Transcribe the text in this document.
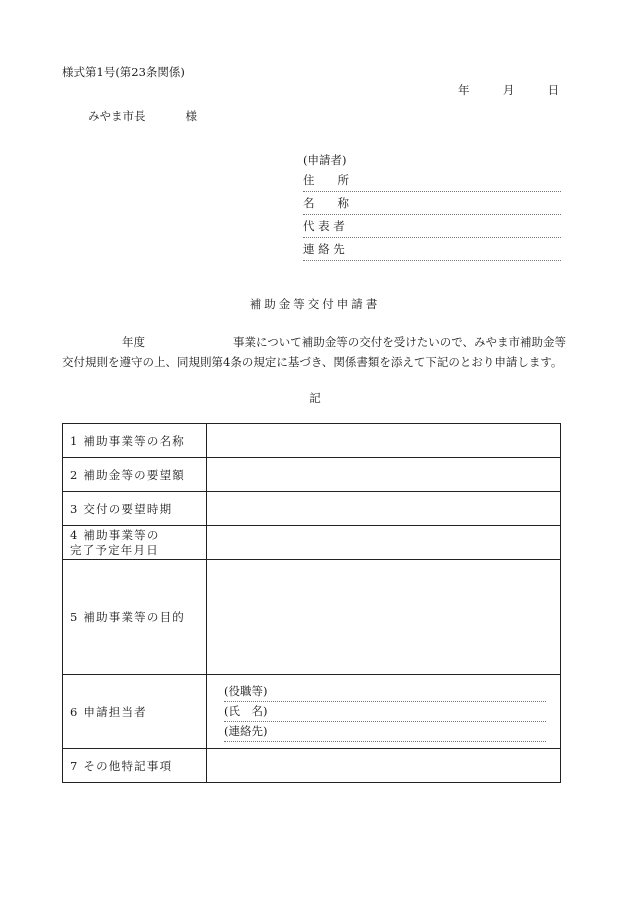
様式第1号(第23条関係)
年	月	日
みやま市長	様
(申請者)
住　　所
名　　称
代 表 者
連 絡 先
補助金等交付申請書
年度	事業について補助金等の交付を受けたいので、みやま市補助金等
交付規則を遵守の上、同規則第4条の規定に基づき、関係書類を添えて下記のとおり申請します。
記
1 補助事業等の名称	
2 補助金等の要望額	
3 交付の要望時期	

4 補助事業等の
完了予定年月日	

5 補助事業等の目的	
6 申請担当者	(役職等)
(氏　名)
(連絡先)

7 その他特記事項	
